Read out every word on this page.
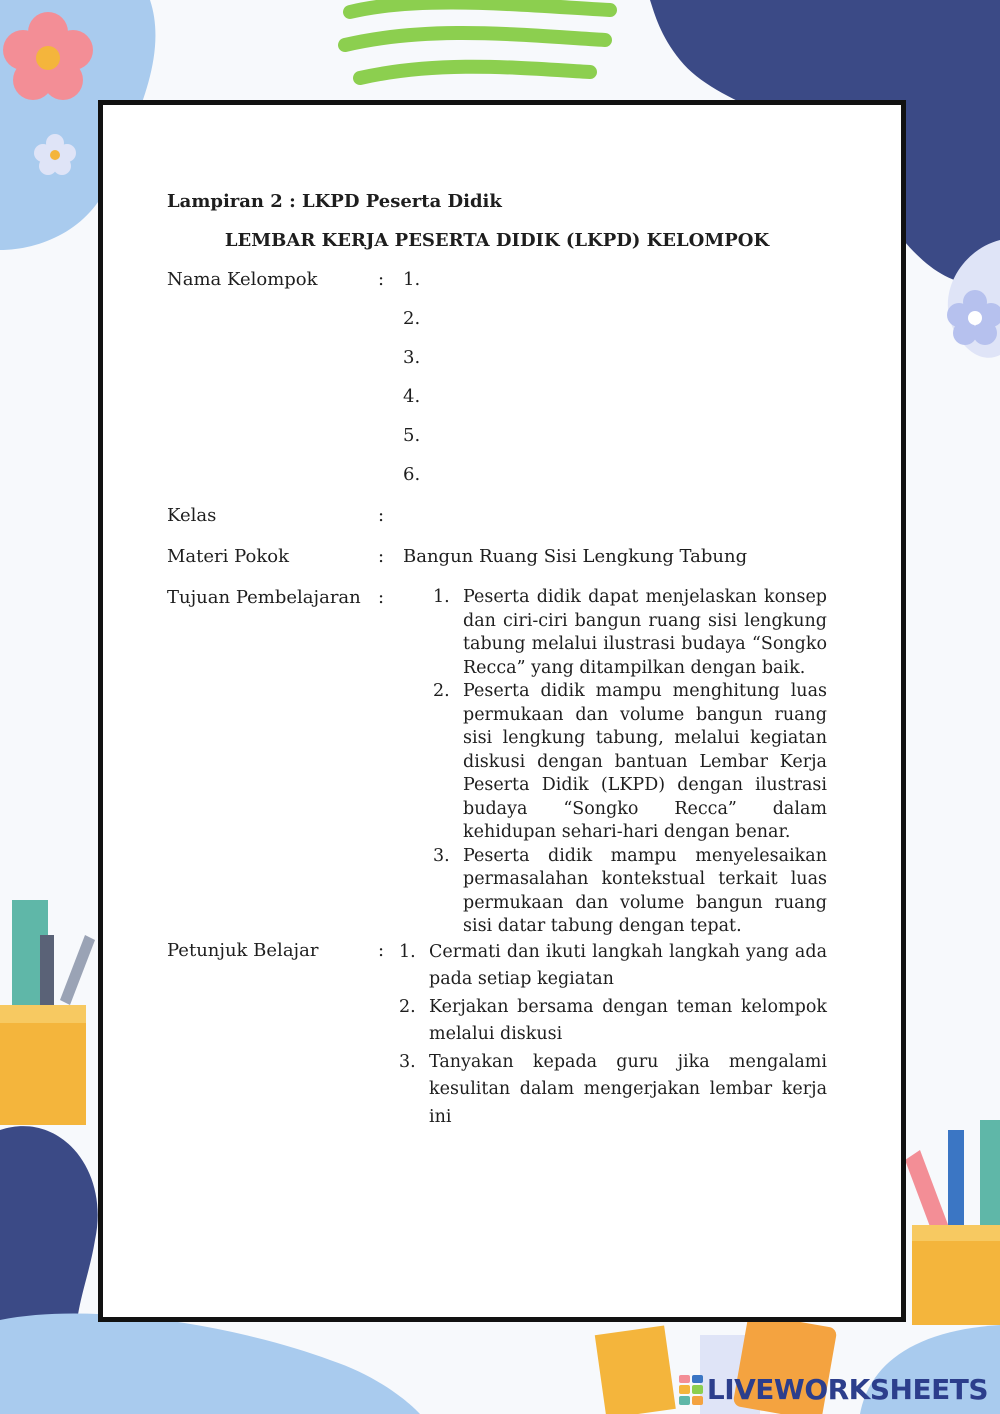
Lampiran 2 : LKPD Peserta Didik

LEMBAR KERJA PESERTA DIDIK (LKPD) KELOMPOK

Nama Kelompok	: 1.
2.
3.
4.
5.
6.
Kelas	:
Materi Pokok	: Bangun Ruang Sisi Lengkung Tabung
Tujuan Pembelajaran :	1. Peserta didik dapat menjelaskan konsep dan ciri-ciri bangun ruang sisi lengkung tabung melalui ilustrasi budaya “Songko Recca” yang ditampilkan dengan baik.
2. Peserta didik mampu menghitung luas permukaan dan volume bangun ruang sisi lengkung tabung, melalui kegiatan diskusi dengan bantuan Lembar Kerja Peserta Didik (LKPD) dengan ilustrasi budaya “Songko Recca” dalam kehidupan sehari-hari dengan benar.
3. Peserta didik mampu menyelesaikan permasalahan kontekstual terkait luas permukaan dan volume bangun ruang sisi datar tabung dengan tepat.
Petunjuk Belajar	: 1. Cermati dan ikuti langkah langkah yang ada pada setiap kegiatan
2. Kerjakan bersama dengan teman kelompok melalui diskusi
3. Tanyakan kepada guru jika mengalami kesulitan dalam mengerjakan lembar kerja ini
LIVEWORKSHEETS
